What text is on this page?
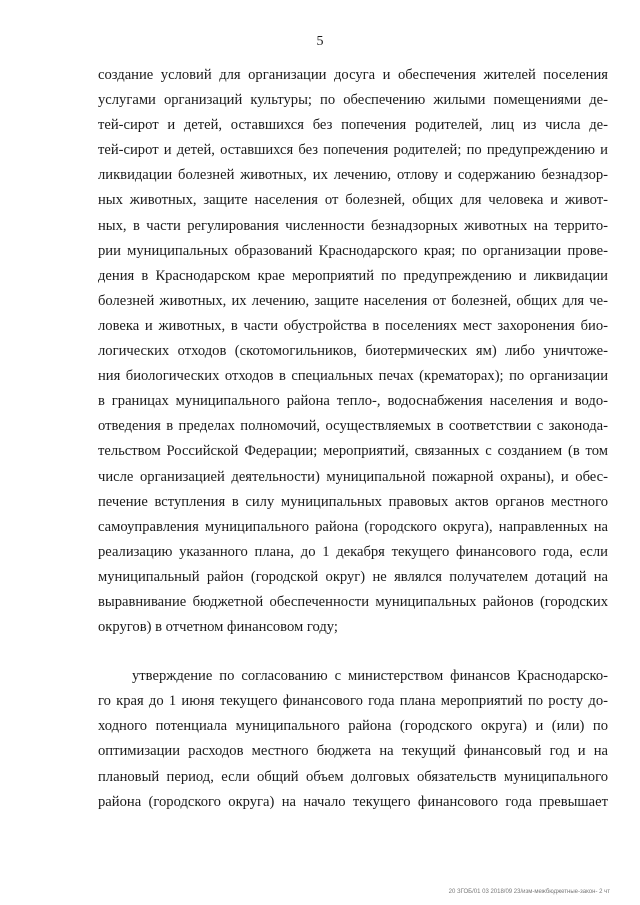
5
создание условий для организации досуга и обеспечения жителей поселения
услугами организаций культуры; по обеспечению жилыми помещениями де-
тей-сирот и детей, оставшихся без попечения родителей, лиц из числа де-
тей-сирот и детей, оставшихся без попечения родителей; по предупреждению и
ликвидации болезней животных, их лечению, отлову и содержанию безнадзор-
ных животных, защите населения от болезней, общих для человека и живот-
ных, в части регулирования численности безнадзорных животных на террито-
рии муниципальных образований Краснодарского края; по организации прове-
дения в Краснодарском крае мероприятий по предупреждению и ликвидации
болезней животных, их лечению, защите населения от болезней, общих для че-
ловека и животных, в части обустройства в поселениях мест захоронения био-
логических отходов (скотомогильников, биотермических ям) либо уничтоже-
ния биологических отходов в специальных печах (крематорах); по организации
в границах муниципального района тепло-, водоснабжения населения и водо-
отведения в пределах полномочий, осуществляемых в соответствии с законода-
тельством Российской Федерации; мероприятий, связанных с созданием (в том
числе организацией деятельности) муниципальной пожарной охраны), и обес-
печение вступления в силу муниципальных правовых актов органов местного
самоуправления муниципального района (городского округа), направленных на
реализацию указанного плана, до 1 декабря текущего финансового года, если
муниципальный район (городской округ) не являлся получателем дотаций на
выравнивание бюджетной обеспеченности муниципальных районов (городских
округов) в отчетном финансовом году;
утверждение по согласованию с министерством финансов Краснодарско-
го края до 1 июня текущего финансового года плана мероприятий по росту до-
ходного потенциала муниципального района (городского округа) и (или) по
оптимизации расходов местного бюджета на текущий финансовый год и на
плановый период, если общий объем долговых обязательств муниципального
района (городского округа) на начало текущего финансового года превышает
20 ЗГОБ/01 03 2018/09 23/изм-межбюджетные-закон- 2 чт
